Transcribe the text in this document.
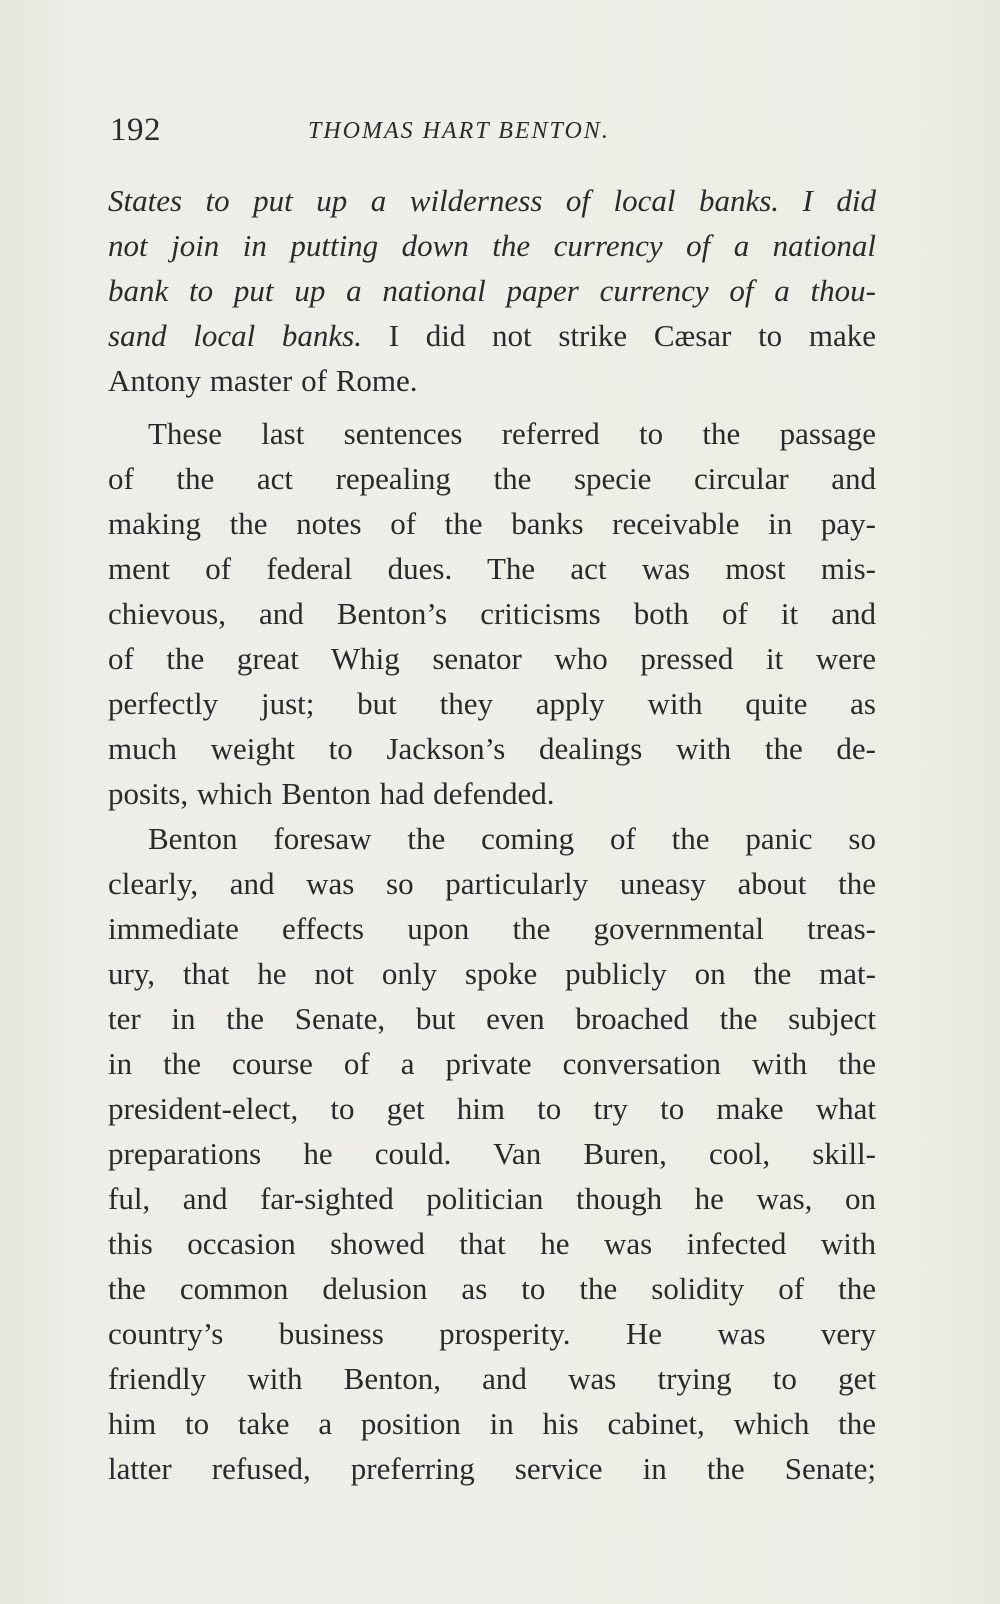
192	THOMAS HART BENTON.
States to put up a wilderness of local banks. I did
not join in putting down the currency of a national
bank to put up a national paper currency of a thou-
sand local banks. I did not strike Cæsar to make
Antony master of Rome.
These last sentences referred to the passage
of the act repealing the specie circular and
making the notes of the banks receivable in pay-
ment of federal dues. The act was most mis-
chievous, and Benton’s criticisms both of it and
of the great Whig senator who pressed it were
perfectly just; but they apply with quite as
much weight to Jackson’s dealings with the de-
posits, which Benton had defended.
Benton foresaw the coming of the panic so
clearly, and was so particularly uneasy about the
immediate effects upon the governmental treas-
ury, that he not only spoke publicly on the mat-
ter in the Senate, but even broached the subject
in the course of a private conversation with the
president-elect, to get him to try to make what
preparations he could. Van Buren, cool, skill-
ful, and far-sighted politician though he was, on
this occasion showed that he was infected with
the common delusion as to the solidity of the
country’s business prosperity. He was very
friendly with Benton, and was trying to get
him to take a position in his cabinet, which the
latter refused, preferring service in the Senate;
